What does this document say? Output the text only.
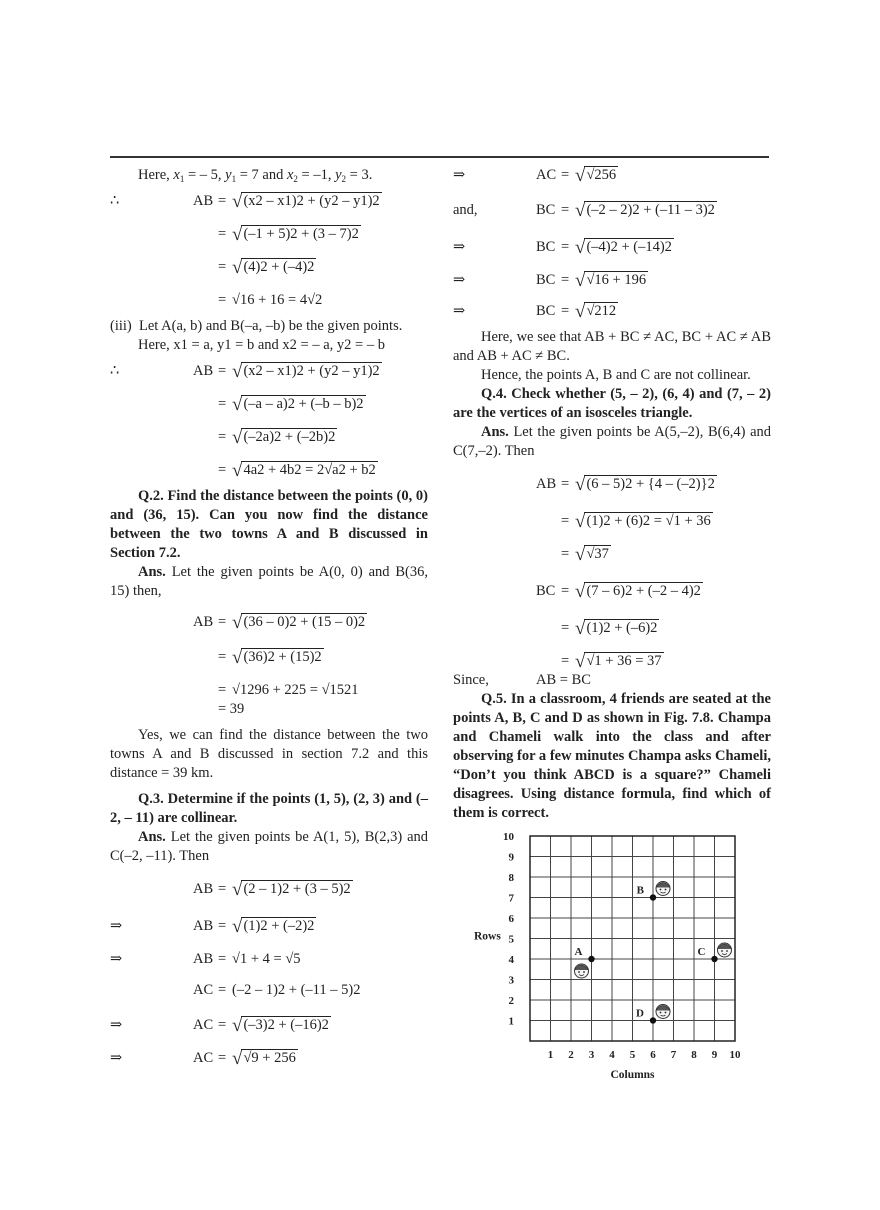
Here, $x_1$ = – 5, $y_1 = 7$ and $x_2 = -1$, $y_2 = 3$.

∴	AB = √(x2 – x1)2 + (y2 – y1)2
= √(–1 + 5)2 + (3 – 7)2
= √(4)2 + (–4)2
= √16 + 16 = 4√2

(iii) Let A(a, b) and B(–a, –b) be the given points.

Here, x1 = a, y1 = b and x2 = – a, y2 = – b

∴	AB = √(x2 – x1)2 + (y2 – y1)2
= √(–a – a)2 + (–b – b)2
= √(–2a)2 + (–2b)2
= √4a2 + 4b2 = 2√a2 + b2

Q.2. Find the distance between the points (0, 0) and (36, 15). Can you now find the distance between the two towns A and B discussed in Section 7.2.

Ans. Let the given points be A(0, 0) and B(36, 15) then,

AB = √(36 – 0)2 + (15 – 0)2
= √(36)2 + (15)2
= √1296 + 225 = √1521
= 39

Yes, we can find the distance between the two towns A and B discussed in section 7.2 and this distance = 39 km.

Q.3. Determine if the points (1, 5), (2, 3) and (– 2, – 11) are collinear.

Ans. Let the given points be A(1, 5), B(2,3) and C(–2, –11). Then

AB = √(2 – 1)2 + (3 – 5)2
⇒	AB = √(1)2 + (–2)2
⇒	AB = √1 + 4 = √5
AC = (–2 – 1)2 + (–11 – 5)2
⇒	AC = √(–3)2 + (–16)2
⇒	AC = √√9 + 256
⇒	AC = √√256
and,	BC = √(–2 – 2)2 + (–11 – 3)2
⇒	BC = √(–4)2 + (–14)2
⇒	BC = √√16 + 196
⇒	BC = √√212

Here, we see that AB + BC ≠ AC, BC + AC ≠ AB and AB + AC ≠ BC.

Hence, the points A, B and C are not collinear.

Q.4. Check whether (5, – 2), (6, 4) and (7, – 2) are the vertices of an isosceles triangle.

Ans. Let the given points be A(5,–2), B(6,4) and C(7,–2). Then

AB = √(6 – 5)2 + {4 – (–2)}2
= √(1)2 + (6)2 = √1 + 36
= √√37
BC = √(7 – 6)2 + (–2 – 4)2
= √(1)2 + (–6)2
= √√1 + 36 = 37
Since,	AB = BC

Q.5. In a classroom, 4 friends are seated at the points A, B, C and D as shown in Fig. 7.8. Champa and Chameli walk into the class and after observing for a few minutes Champa asks Chameli, “Don’t you think ABCD is a square?” Chameli disagrees. Using distance formula, find which of them is correct.

1 2 3 4 5 6 7 8 9 10
1
2
3
4
5
6
7
8
9
10
Rows
Columns
A
B
C
D
